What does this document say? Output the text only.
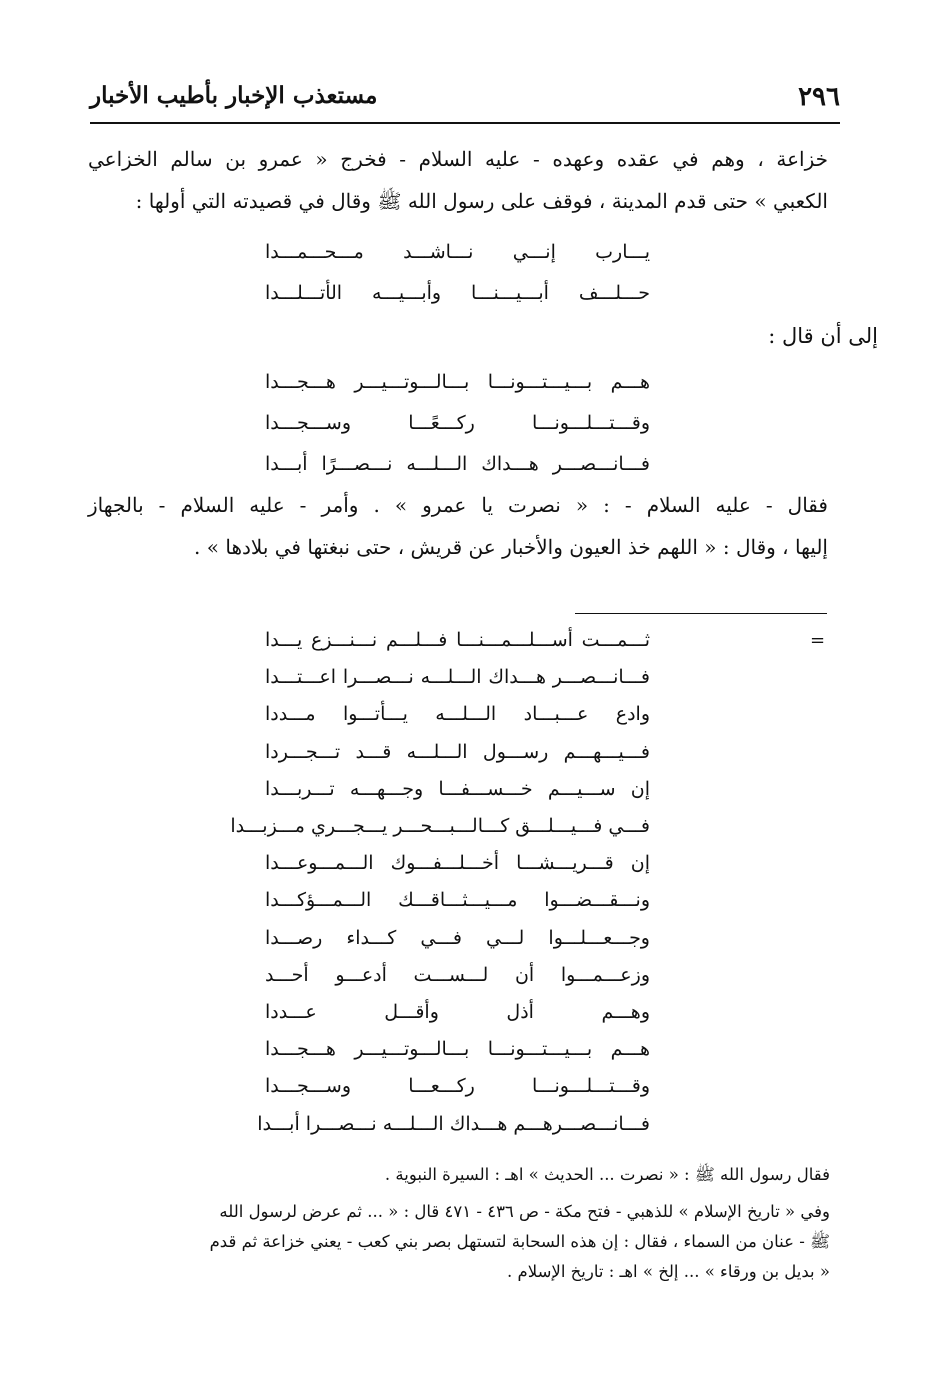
٢٩٦
مستعذب الإخبار بأطيب الأخبار
خزاعة ، وهم في عقده وعهده - عليه السلام - فخرج « عمرو بن سالم الخزاعي
الكعبي » حتى قدم المدينة ، فوقف على رسول الله ﷺ وقال في قصيدته التي أولها :
يـــارب إنـــي نـــاشـــد مـــحـــمـــدا
حـــلـــف أبـــيـــنـــا وأبـــيـــه الأتـــلـــدا
إلى أن قال :
هـــم بـــيـــتـــونـــا بـــالـــوتـــيـــر هـــجـــدا
وقـــتـــلـــونـــا ركـــعًـــا وســـجـــدا
فـــانـــصـــر هـــداك الـــلـــه نـــصـــرًا أبـــدا
فقال - عليه السلام - : « نصرت يا عمرو » . وأمر - عليه السلام - بالجهاز
إليها ، وقال : « اللهم خذ العيون والأخبار عن قريش ، حتى نبغتها في بلادها » .
=
ثـــمـــت أســـلـــمـــنـــا فـــلـــم نـــنـــزع يـــدا
فـــانـــصـــر هـــداك الـــلـــه نـــصـــرا اعـــتـــدا
وادع عـــبـــاد الـــلـــه يـــأتـــوا مـــددا
فـــيـــهـــم رســـول الـــلـــه قـــد تـــجـــردا
إن ســـيـــم خـــســـفـــا وجـــهـــه تـــربـــدا
فـــي فـــيـــلـــق كـــالـــبـــحـــر يـــجـــري مـــزبـــدا
إن قـــريـــشـــا أخـــلـــفـــوك الـــمـــوعـــدا
ونـــقـــضـــوا مـــيـــثـــاقـــك الـــمـــؤكـــدا
وجـــعـــلـــوا لـــي فـــي كـــداء رصـــدا
وزعـــمـــوا أن لـــســـت أدعـــو أحـــد
وهـــم أذل وأقـــل عـــددا
هـــم بـــيـــتـــونـــا بـــالـــوتـــيـــر هـــجـــدا
وقـــتـــلـــونـــا ركـــعـــا وســـجـــدا
فـــانـــصـــرهـــم هـــداك الـــلـــه نـــصـــرا أبـــدا
فقال رسول الله ﷺ : « نصرت ... الحديث » اهـ : السيرة النبوية .
وفي « تاريخ الإسلام » للذهبي - فتح مكة - ص ٤٣٦ - ٤٧١ قال : « ... ثم عرض لرسول الله
ﷺ - عنان من السماء ، فقال : إن هذه السحابة لتستهل بصر بني كعب - يعني خزاعة ثم قدم
« بديل بن ورقاء » ... إلخ » اهـ : تاريخ الإسلام .
